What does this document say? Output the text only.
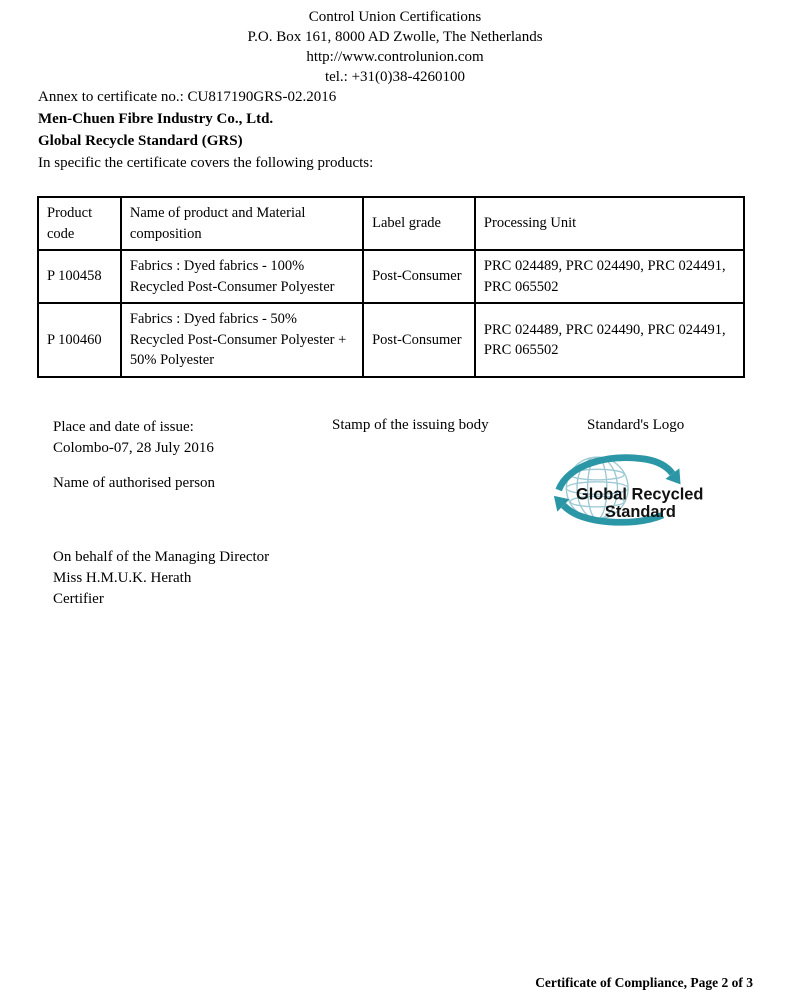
Control Union Certifications
P.O. Box 161, 8000 AD Zwolle, The Netherlands
http://www.controlunion.com
tel.: +31(0)38-4260100
Annex to certificate no.: CU817190GRS-02.2016
Men-Chuen Fibre Industry Co., Ltd.
Global Recycle Standard (GRS)
In specific the certificate covers the following products:
Product code	Name of product and Material composition	Label grade	Processing Unit
P 100458	Fabrics : Dyed fabrics - 100% Recycled Post-Consumer Polyester	Post-Consumer	PRC 024489, PRC 024490, PRC 024491, PRC 065502
P 100460	Fabrics : Dyed fabrics - 50% Recycled Post-Consumer Polyester + 50% Polyester	Post-Consumer	PRC 024489, PRC 024490, PRC 024491, PRC 065502
Place and date of issue:
Colombo-07, 28 July 2016
Stamp of the issuing body	Standard's Logo
Name of authorised person
Global Recycled
Standard
On behalf of the Managing Director
Miss H.M.U.K. Herath
Certifier
Certificate of Compliance, Page 2 of 3
